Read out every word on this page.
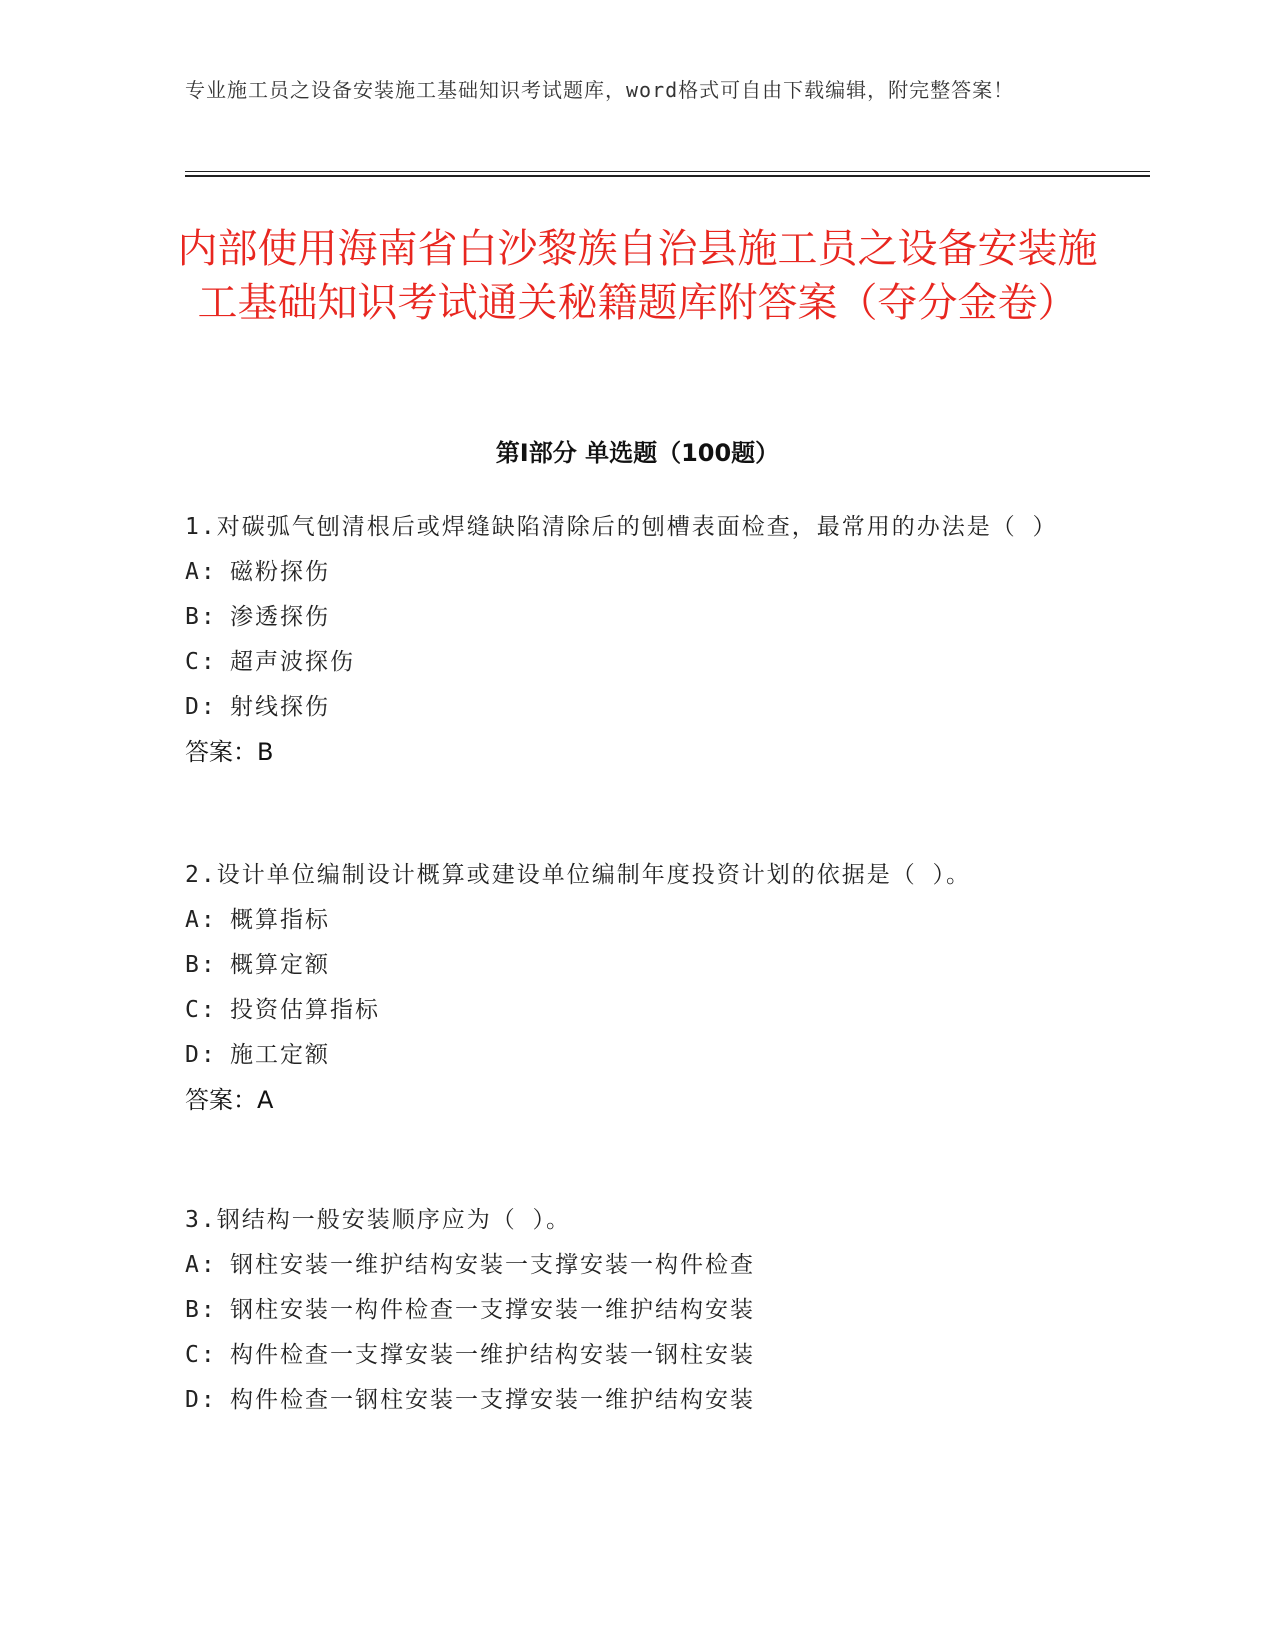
专业施工员之设备安装施工基础知识考试题库，word格式可自由下载编辑，附完整答案！
内部使用海南省白沙黎族自治县施工员之设备安装施工基础知识考试通关秘籍题库附答案（夺分金卷）
第Ⅰ部分 单选题（100题）

1.对碳弧气刨清根后或焊缝缺陷清除后的刨槽表面检查，最常用的办法是（ ）

A: 磁粉探伤
B: 渗透探伤
C: 超声波探伤
D: 射线探伤
答案：B

2.设计单位编制设计概算或建设单位编制年度投资计划的依据是（ ）。

A: 概算指标
B: 概算定额
C: 投资估算指标
D: 施工定额
答案：A

3.钢结构一般安装顺序应为（ ）。

A: 钢柱安装一维护结构安装一支撑安装一构件检查
B: 钢柱安装一构件检查一支撑安装一维护结构安装
C: 构件检查一支撑安装一维护结构安装一钢柱安装
D: 构件检查一钢柱安装一支撑安装一维护结构安装
